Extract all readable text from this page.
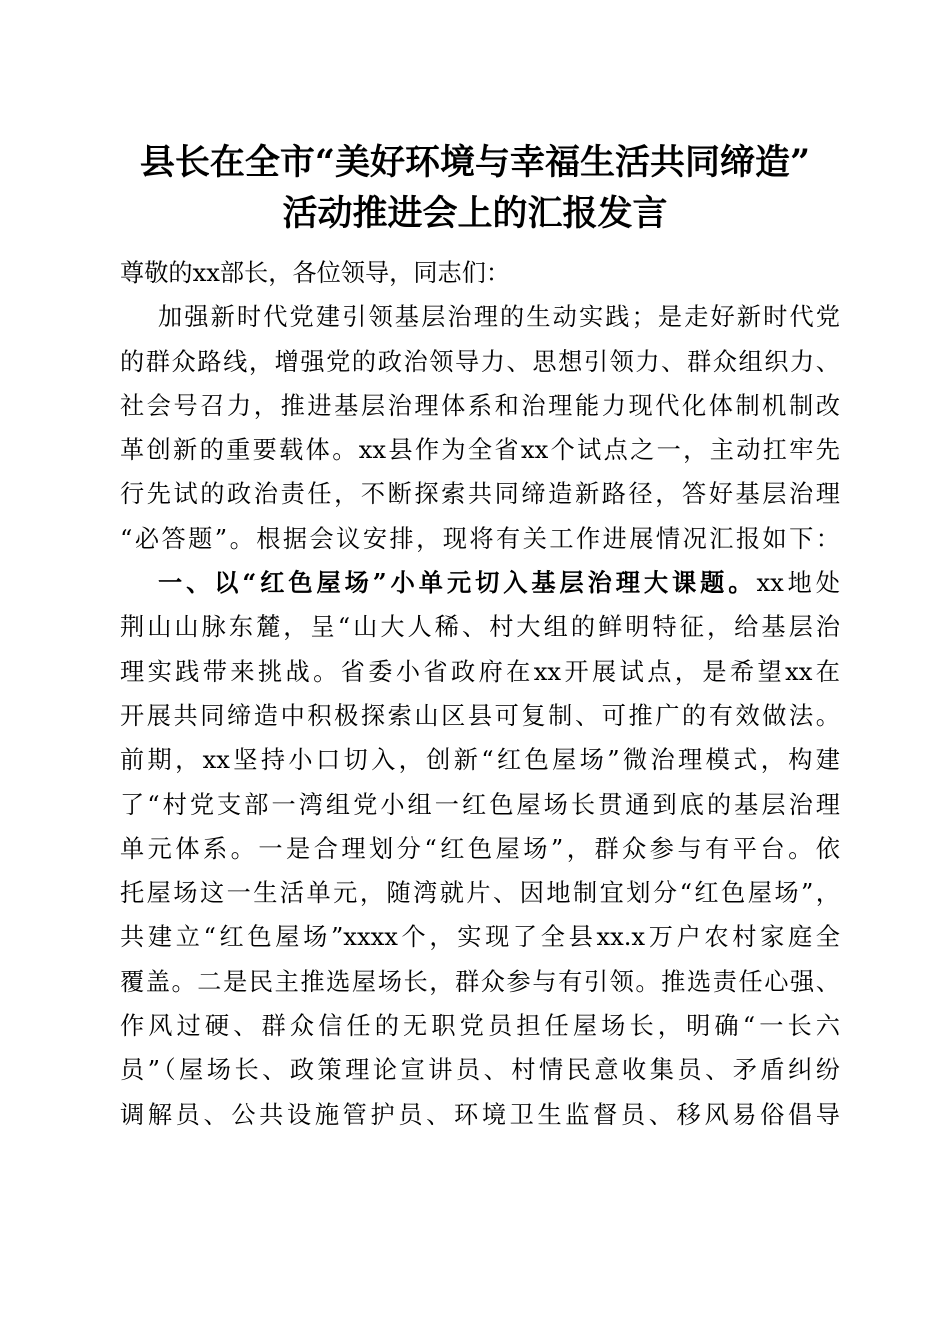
县长在全市“美好环境与幸福生活共同缔造”
活动推进会上的汇报发言
尊敬的xx部长，各位领导，同志们：
加强新时代党建引领基层治理的生动实践；是走好新时代党
的群众路线，增强党的政治领导力、思想引领力、群众组织力、
社会号召力，推进基层治理体系和治理能力现代化体制机制改
革创新的重要载体。xx县作为全省xx个试点之一，主动扛牢先
行先试的政治责任，不断探索共同缔造新路径，答好基层治理
“必答题”。根据会议安排，现将有关工作进展情况汇报如下：
一、以“红色屋场”小单元切入基层治理大课题。xx地处
荆山山脉东麓，呈“山大人稀、村大组的鲜明特征，给基层治
理实践带来挑战。省委小省政府在xx开展试点，是希望xx在
开展共同缔造中积极探索山区县可复制、可推广的有效做法。
前期，xx坚持小口切入，创新“红色屋场”微治理模式，构建
了“村党支部一湾组党小组一红色屋场长贯通到底的基层治理
单元体系。一是合理划分“红色屋场”，群众参与有平台。依
托屋场这一生活单元，随湾就片、因地制宜划分“红色屋场”，
共建立“红色屋场”xxxx个，实现了全县xx.x万户农村家庭全
覆盖。二是民主推选屋场长，群众参与有引领。推选责任心强、
作风过硬、群众信任的无职党员担任屋场长，明确“一长六
员”（屋场长、政策理论宣讲员、村情民意收集员、矛盾纠纷
调解员、公共设施管护员、环境卫生监督员、移风易俗倡导
